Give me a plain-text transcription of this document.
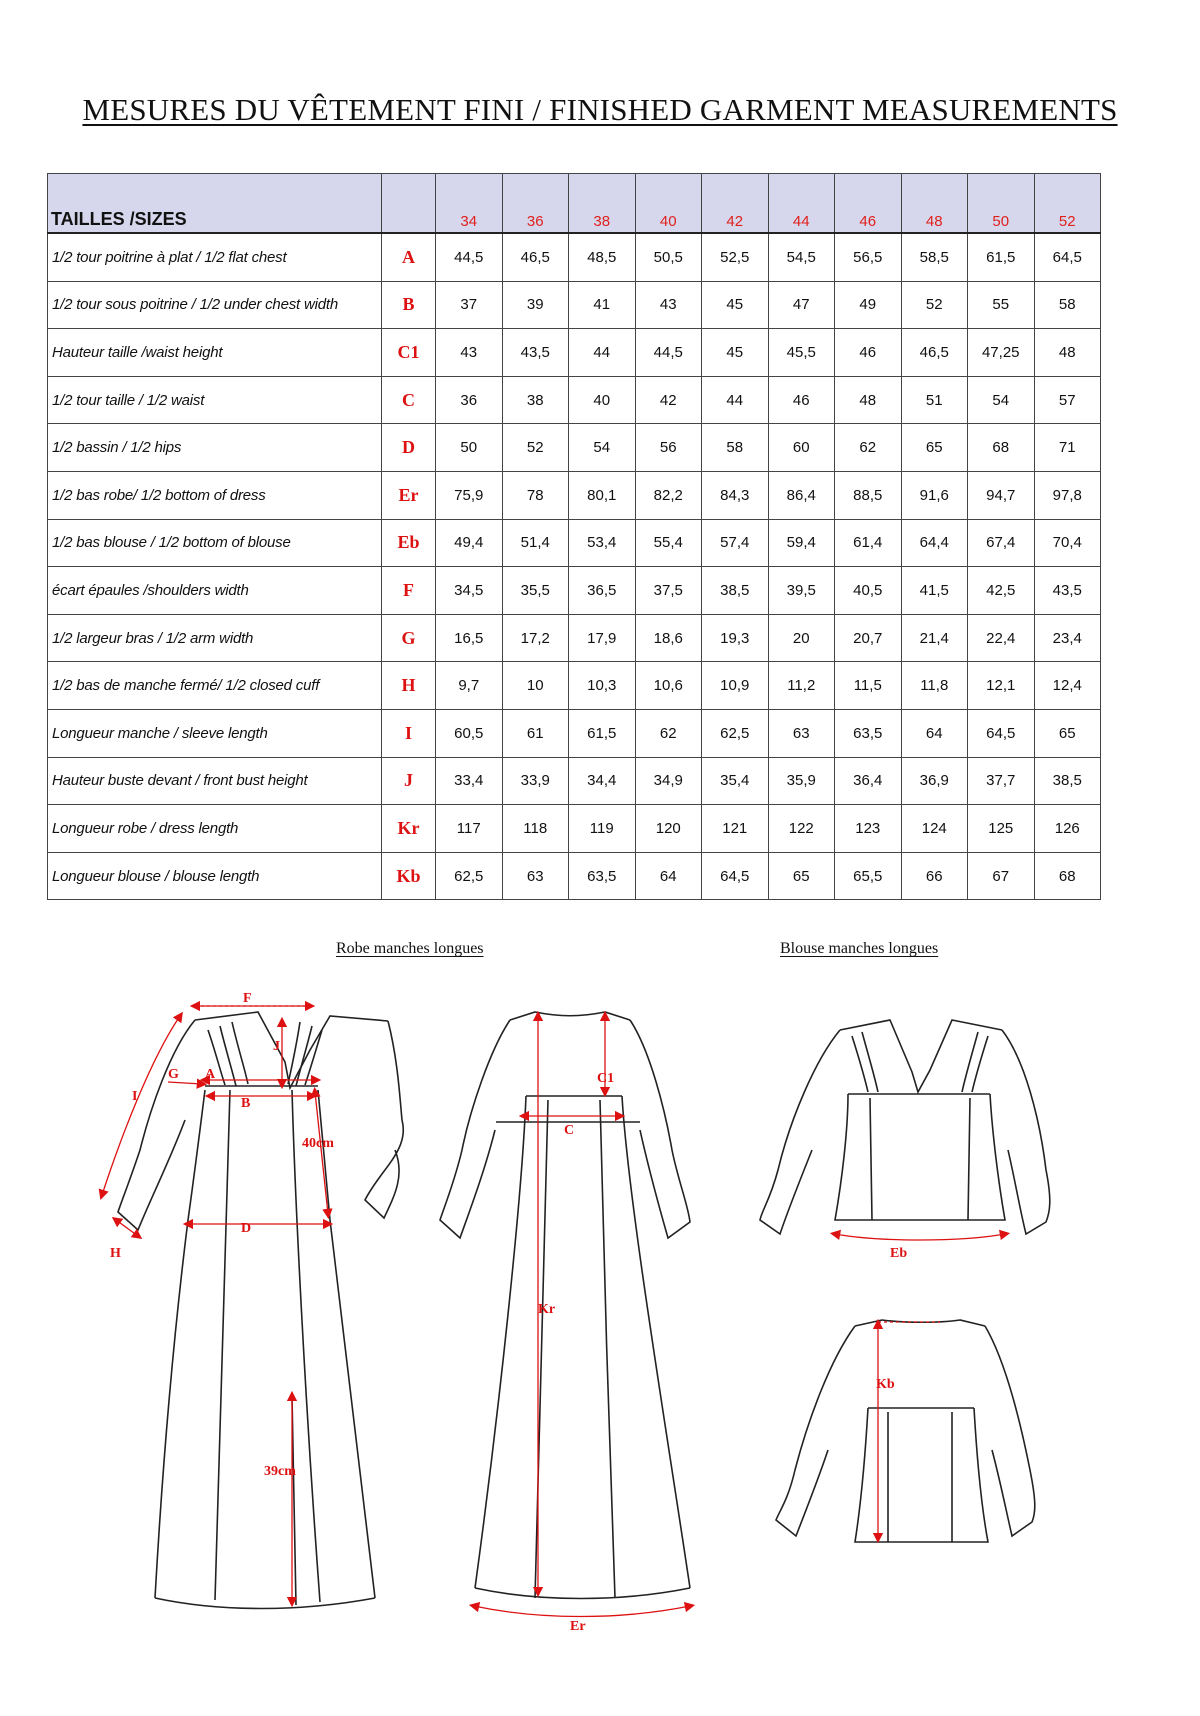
MESURES DU VÊTEMENT FINI / FINISHED GARMENT MEASUREMENTS
TAILLES /SIZES		34	36	38	40	42	44	46	48	50	52
1/2 tour poitrine à plat / 1/2 flat chest	A	44,5	46,5	48,5	50,5	52,5	54,5	56,5	58,5	61,5	64,5
1/2 tour sous poitrine / 1/2 under chest width	B	37	39	41	43	45	47	49	52	55	58
Hauteur taille /waist height	C1	43	43,5	44	44,5	45	45,5	46	46,5	47,25	48
1/2 tour taille / 1/2 waist	C	36	38	40	42	44	46	48	51	54	57
1/2 bassin / 1/2 hips	D	50	52	54	56	58	60	62	65	68	71
1/2 bas robe/ 1/2 bottom of dress	Er	75,9	78	80,1	82,2	84,3	86,4	88,5	91,6	94,7	97,8
1/2 bas blouse / 1/2 bottom of blouse	Eb	49,4	51,4	53,4	55,4	57,4	59,4	61,4	64,4	67,4	70,4
écart épaules /shoulders width	F	34,5	35,5	36,5	37,5	38,5	39,5	40,5	41,5	42,5	43,5
1/2 largeur bras / 1/2 arm width	G	16,5	17,2	17,9	18,6	19,3	20	20,7	21,4	22,4	23,4
1/2 bas de manche fermé/ 1/2 closed cuff	H	9,7	10	10,3	10,6	10,9	11,2	11,5	11,8	12,1	12,4
Longueur manche / sleeve length	I	60,5	61	61,5	62	62,5	63	63,5	64	64,5	65
Hauteur buste devant / front bust height	J	33,4	33,9	34,4	34,9	35,4	35,9	36,4	36,9	37,7	38,5
Longueur robe / dress length	Kr	117	118	119	120	121	122	123	124	125	126
Longueur blouse / blouse length	Kb	62,5	63	63,5	64	64,5	65	65,5	66	67	68
Robe manches longues	Blouse manches longues
F
J
I
G A
B
40cm
D
H
39cm
C1
C
Kr
Er
Eb
Kb
